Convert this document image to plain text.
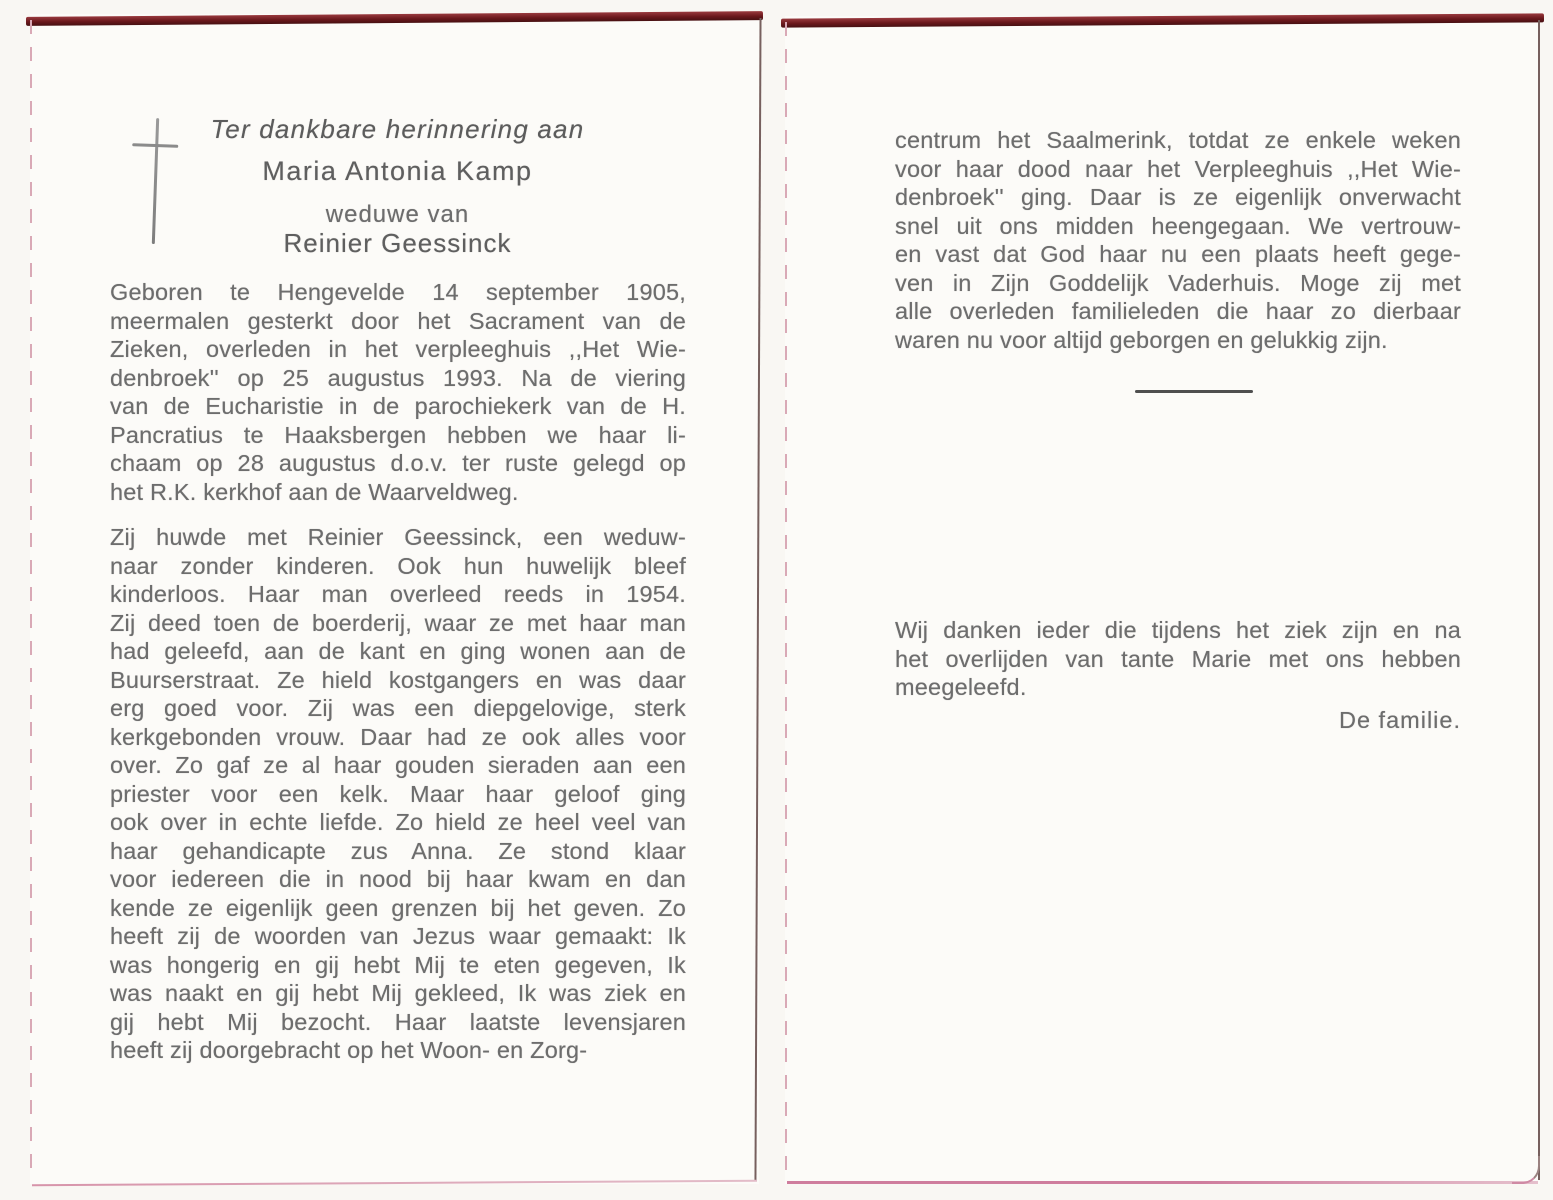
Ter dankbare herinnering aan
Maria Antonia Kamp
weduwe van
Reinier Geessinck
Geboren te Hengevelde 14 september 1905,
meermalen gesterkt door het Sacrament van de
Zieken, overleden in het verpleeghuis ,,Het Wie-
denbroek'' op 25 augustus 1993. Na de viering
van de Eucharistie in de parochiekerk van de H.
Pancratius te Haaksbergen hebben we haar li-
chaam op 28 augustus d.o.v. ter ruste gelegd op
het R.K. kerkhof aan de Waarveldweg.
Zij huwde met Reinier Geessinck, een weduw-
naar zonder kinderen. Ook hun huwelijk bleef
kinderloos. Haar man overleed reeds in 1954.
Zij deed toen de boerderij, waar ze met haar man
had geleefd, aan de kant en ging wonen aan de
Buurserstraat. Ze hield kostgangers en was daar
erg goed voor. Zij was een diepgelovige, sterk
kerkgebonden vrouw. Daar had ze ook alles voor
over. Zo gaf ze al haar gouden sieraden aan een
priester voor een kelk. Maar haar geloof ging
ook over in echte liefde. Zo hield ze heel veel van
haar gehandicapte zus Anna. Ze stond klaar
voor iedereen die in nood bij haar kwam en dan
kende ze eigenlijk geen grenzen bij het geven. Zo
heeft zij de woorden van Jezus waar gemaakt: Ik
was hongerig en gij hebt Mij te eten gegeven, Ik
was naakt en gij hebt Mij gekleed, Ik was ziek en
gij hebt Mij bezocht. Haar laatste levensjaren
heeft zij doorgebracht op het Woon- en Zorg-
centrum het Saalmerink, totdat ze enkele weken
voor haar dood naar het Verpleeghuis ,,Het Wie-
denbroek'' ging. Daar is ze eigenlijk onverwacht
snel uit ons midden heengegaan. We vertrouw-
en vast dat God haar nu een plaats heeft gege-
ven in Zijn Goddelijk Vaderhuis. Moge zij met
alle overleden familieleden die haar zo dierbaar
waren nu voor altijd geborgen en gelukkig zijn.
Wij danken ieder die tijdens het ziek zijn en na
het overlijden van tante Marie met ons hebben
meegeleefd.
De familie.
